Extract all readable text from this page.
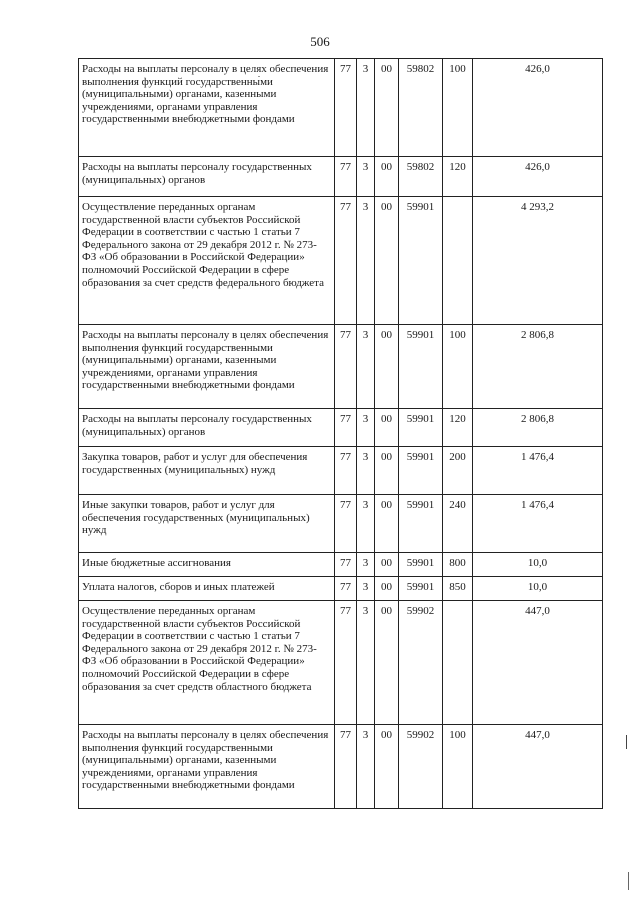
506
Расходы на выплаты персоналу в целях обеспечения выполнения функций государственными (муниципальными) органами, казенными учреждениями, органами управления государственными внебюджетными фондами	77	3	00	59802	100	426,0
Расходы на выплаты персоналу государственных (муниципальных) органов	77	3	00	59802	120	426,0
Осуществление переданных органам государственной власти субъектов Российской Федерации в соответствии с частью 1 статьи 7 Федерального закона от 29 декабря 2012 г. № 273-ФЗ «Об образовании в Российской Федерации» полномочий Российской Федерации в сфере образования за счет средств федерального бюджета	77	3	00	59901		4 293,2
Расходы на выплаты персоналу в целях обеспечения выполнения функций государственными (муниципальными) органами, казенными учреждениями, органами управления государственными внебюджетными фондами	77	3	00	59901	100	2 806,8
Расходы на выплаты персоналу государственных (муниципальных) органов	77	3	00	59901	120	2 806,8
Закупка товаров, работ и услуг для обеспечения государственных (муниципальных) нужд	77	3	00	59901	200	1 476,4
Иные закупки товаров, работ и услуг для обеспечения государственных (муниципальных) нужд	77	3	00	59901	240	1 476,4
Иные бюджетные ассигнования	77	3	00	59901	800	10,0
Уплата налогов, сборов и иных платежей	77	3	00	59901	850	10,0
Осуществление переданных органам государственной власти субъектов Российской Федерации в соответствии с частью 1 статьи 7 Федерального закона от 29 декабря 2012 г. № 273-ФЗ «Об образовании в Российской Федерации» полномочий Российской Федерации в сфере образования за счет средств областного бюджета	77	3	00	59902		447,0
Расходы на выплаты персоналу в целях обеспечения выполнения функций государственными (муниципальными) органами, казенными учреждениями, органами управления государственными внебюджетными фондами	77	3	00	59902	100	447,0
